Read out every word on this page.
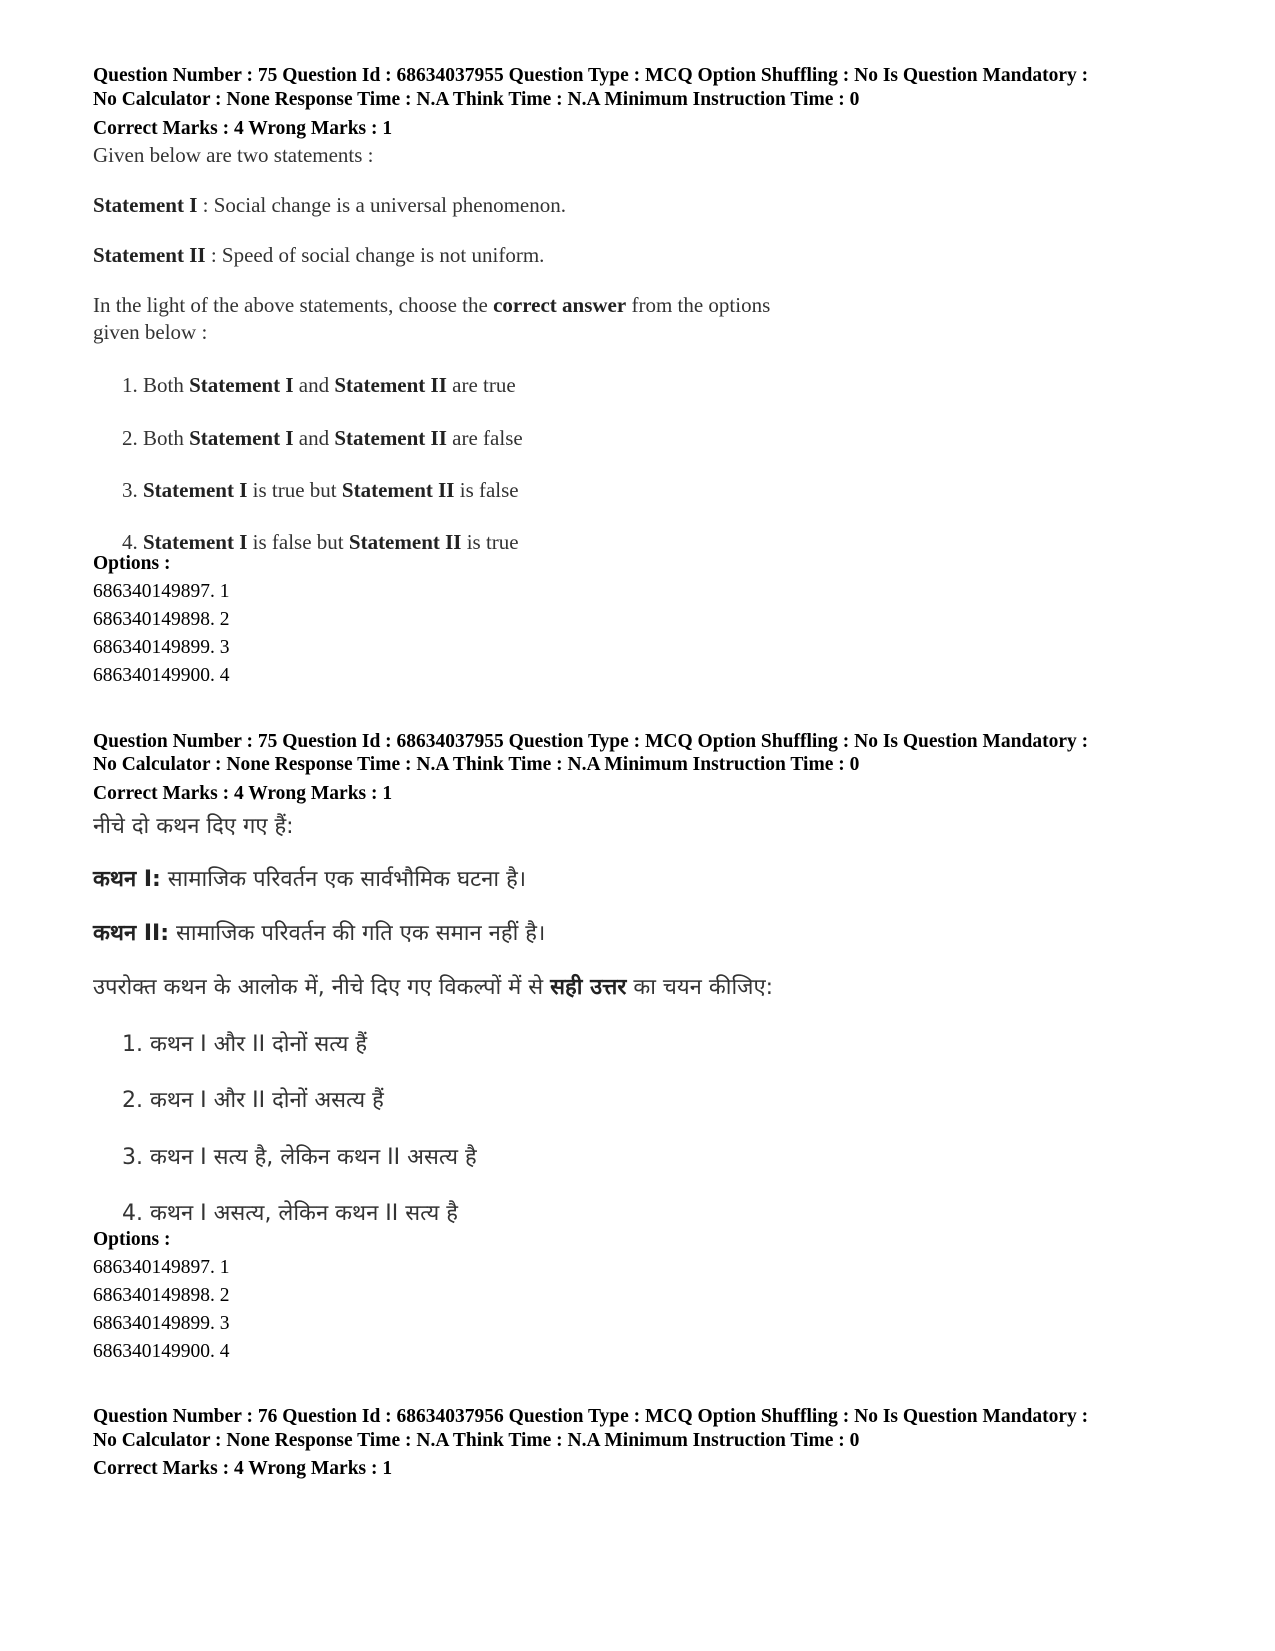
Question Number : 75 Question Id : 68634037955 Question Type : MCQ Option Shuffling : No Is Question Mandatory :
No Calculator : None Response Time : N.A Think Time : N.A Minimum Instruction Time : 0
Correct Marks : 4 Wrong Marks : 1
Given below are two statements :
Statement I : Social change is a universal phenomenon.
Statement II : Speed of social change is not uniform.
In the light of the above statements, choose the correct answer from the options
given below :
1. Both Statement I and Statement II are true
2. Both Statement I and Statement II are false
3. Statement I is true but Statement II is false
4. Statement I is false but Statement II is true
Options :
686340149897. 1
686340149898. 2
686340149899. 3
686340149900. 4
Question Number : 75 Question Id : 68634037955 Question Type : MCQ Option Shuffling : No Is Question Mandatory :
No Calculator : None Response Time : N.A Think Time : N.A Minimum Instruction Time : 0
Correct Marks : 4 Wrong Marks : 1
नीचे दो कथन दिए गए हैं:
कथन I: सामाजिक परिवर्तन एक सार्वभौमिक घटना है।
कथन II: सामाजिक परिवर्तन की गति एक समान नहीं है।
उपरोक्त कथन के आलोक में, नीचे दिए गए विकल्पों में से सही उत्तर का चयन कीजिए:
1. कथन I और II दोनों सत्य हैं
2. कथन I और II दोनों असत्य हैं
3. कथन I सत्य है, लेकिन कथन II असत्य है
4. कथन I असत्य, लेकिन कथन II सत्य है
Options :
686340149897. 1
686340149898. 2
686340149899. 3
686340149900. 4
Question Number : 76 Question Id : 68634037956 Question Type : MCQ Option Shuffling : No Is Question Mandatory :
No Calculator : None Response Time : N.A Think Time : N.A Minimum Instruction Time : 0
Correct Marks : 4 Wrong Marks : 1
